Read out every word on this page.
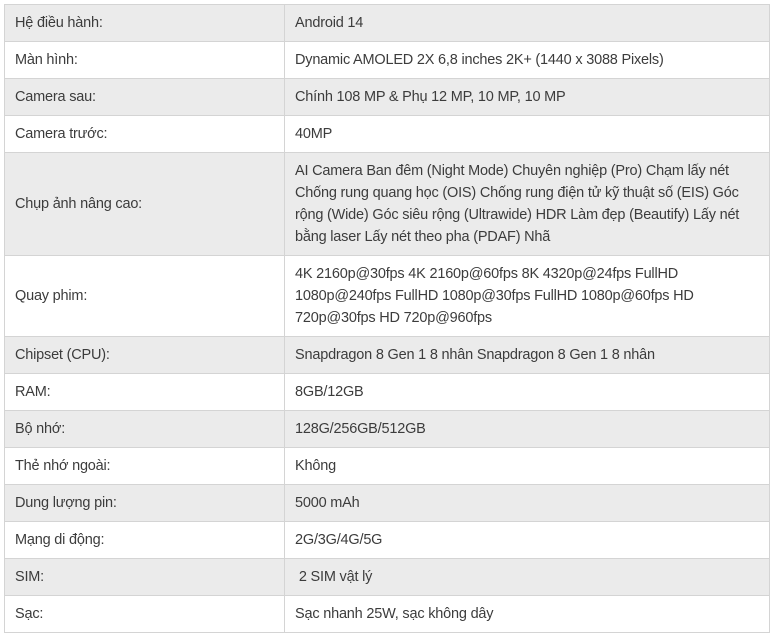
Hệ điều hành:	Android 14
Màn hình:	Dynamic AMOLED 2X 6,8 inches 2K+ (1440 x 3088 Pixels)
Camera sau:	Chính 108 MP & Phụ 12 MP, 10 MP, 10 MP
Camera trước:	40MP
Chụp ảnh nâng cao:	AI Camera Ban đêm (Night Mode) Chuyên nghiệp (Pro) Chạm lấy nét Chống rung quang học (OIS) Chống rung điện tử kỹ thuật số (EIS) Góc rộng (Wide) Góc siêu rộng (Ultrawide) HDR Làm đẹp (Beautify) Lấy nét bằng laser Lấy nét theo pha (PDAF) Nhã
Quay phim:	4K 2160p@30fps 4K 2160p@60fps 8K 4320p@24fps FullHD 1080p@240fps FullHD 1080p@30fps FullHD 1080p@60fps HD 720p@30fps HD 720p@960fps
Chipset (CPU):	Snapdragon 8 Gen 1 8 nhân Snapdragon 8 Gen 1 8 nhân
RAM:	8GB/12GB
Bộ nhớ:	128G/256GB/512GB
Thẻ nhớ ngoài:	Không
Dung lượng pin:	5000 mAh
Mạng di động:	2G/3G/4G/5G
SIM:	2 SIM vật lý
Sạc:	Sạc nhanh 25W, sạc không dây
